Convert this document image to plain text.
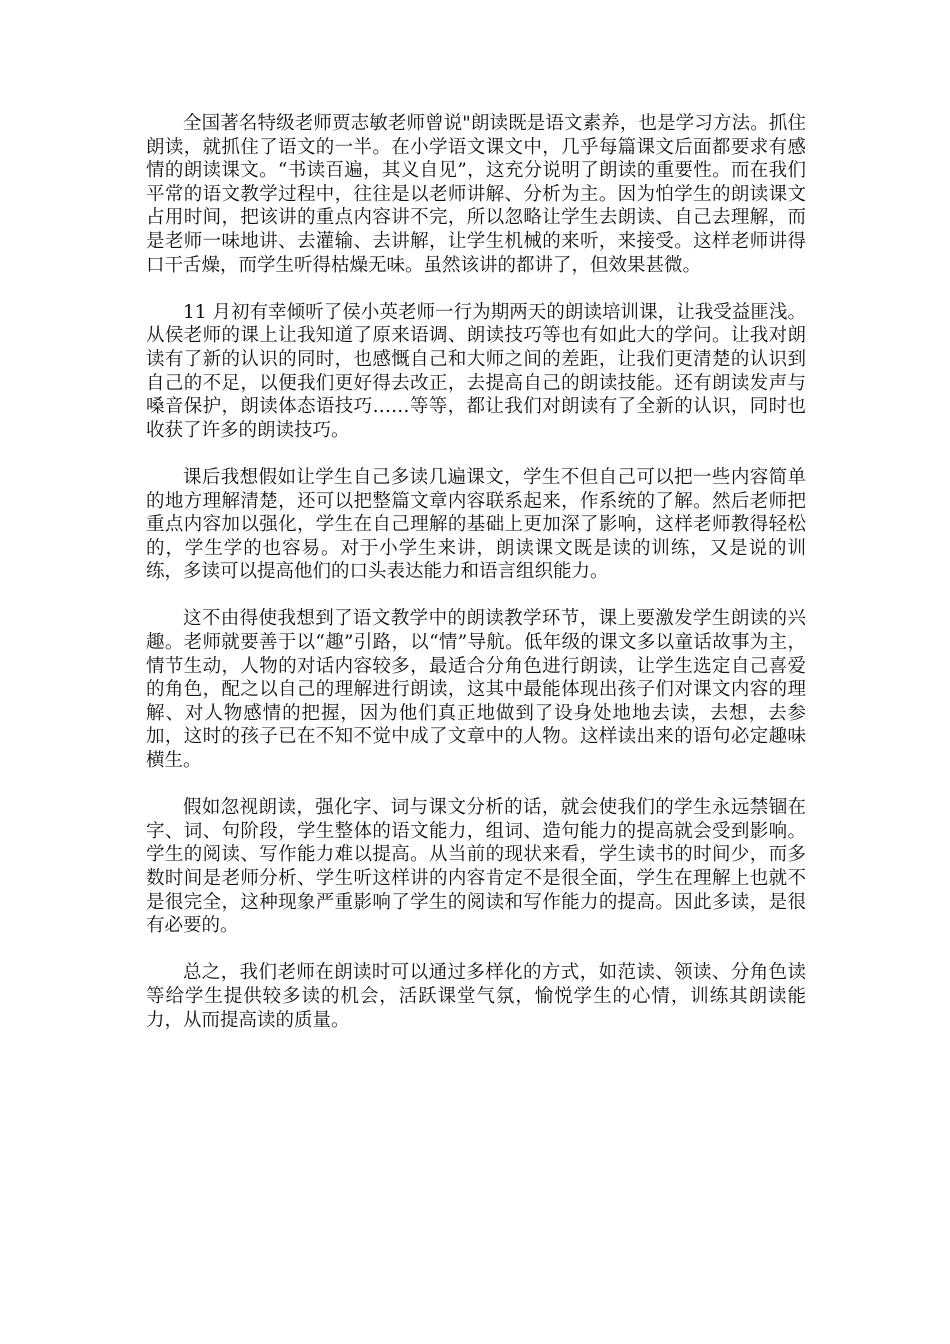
全国著名特级老师贾志敏老师曾说"朗读既是语文素养，也是学习方法。抓住朗读，就抓住了语文的一半。在小学语文课文中，几乎每篇课文后面都要求有感情的朗读课文。“书读百遍，其义自见”，这充分说明了朗读的重要性。而在我们平常的语文教学过程中，往往是以老师讲解、分析为主。因为怕学生的朗读课文占用时间，把该讲的重点内容讲不完，所以忽略让学生去朗读、自己去理解，而是老师一味地讲、去灌输、去讲解，让学生机械的来听，来接受。这样老师讲得口干舌燥，而学生听得枯燥无味。虽然该讲的都讲了，但效果甚微。

11 月初有幸倾听了侯小英老师一行为期两天的朗读培训课，让我受益匪浅。从侯老师的课上让我知道了原来语调、朗读技巧等也有如此大的学问。让我对朗读有了新的认识的同时，也感慨自己和大师之间的差距，让我们更清楚的认识到自己的不足，以便我们更好得去改正，去提高自己的朗读技能。还有朗读发声与嗓音保护，朗读体态语技巧……等等，都让我们对朗读有了全新的认识，同时也收获了许多的朗读技巧。

课后我想假如让学生自己多读几遍课文，学生不但自己可以把一些内容简单的地方理解清楚，还可以把整篇文章内容联系起来，作系统的了解。然后老师把重点内容加以强化，学生在自己理解的基础上更加深了影响，这样老师教得轻松的，学生学的也容易。对于小学生来讲，朗读课文既是读的训练，又是说的训练，多读可以提高他们的口头表达能力和语言组织能力。

这不由得使我想到了语文教学中的朗读教学环节，课上要激发学生朗读的兴趣。老师就要善于以“趣”引路，以“情”导航。低年级的课文多以童话故事为主，情节生动，人物的对话内容较多，最适合分角色进行朗读，让学生选定自己喜爱的角色，配之以自己的理解进行朗读，这其中最能体现出孩子们对课文内容的理解、对人物感情的把握，因为他们真正地做到了设身处地地去读，去想，去参加，这时的孩子已在不知不觉中成了文章中的人物。这样读出来的语句必定趣味横生。

假如忽视朗读，强化字、词与课文分析的话，就会使我们的学生永远禁锢在字、词、句阶段，学生整体的语文能力，组词、造句能力的提高就会受到影响。学生的阅读、写作能力难以提高。从当前的现状来看，学生读书的时间少，而多数时间是老师分析、学生听这样讲的内容肯定不是很全面，学生在理解上也就不是很完全，这种现象严重影响了学生的阅读和写作能力的提高。因此多读，是很有必要的。

总之，我们老师在朗读时可以通过多样化的方式，如范读、领读、分角色读等给学生提供较多读的机会，活跃课堂气氛，愉悦学生的心情，训练其朗读能力，从而提高读的质量。
